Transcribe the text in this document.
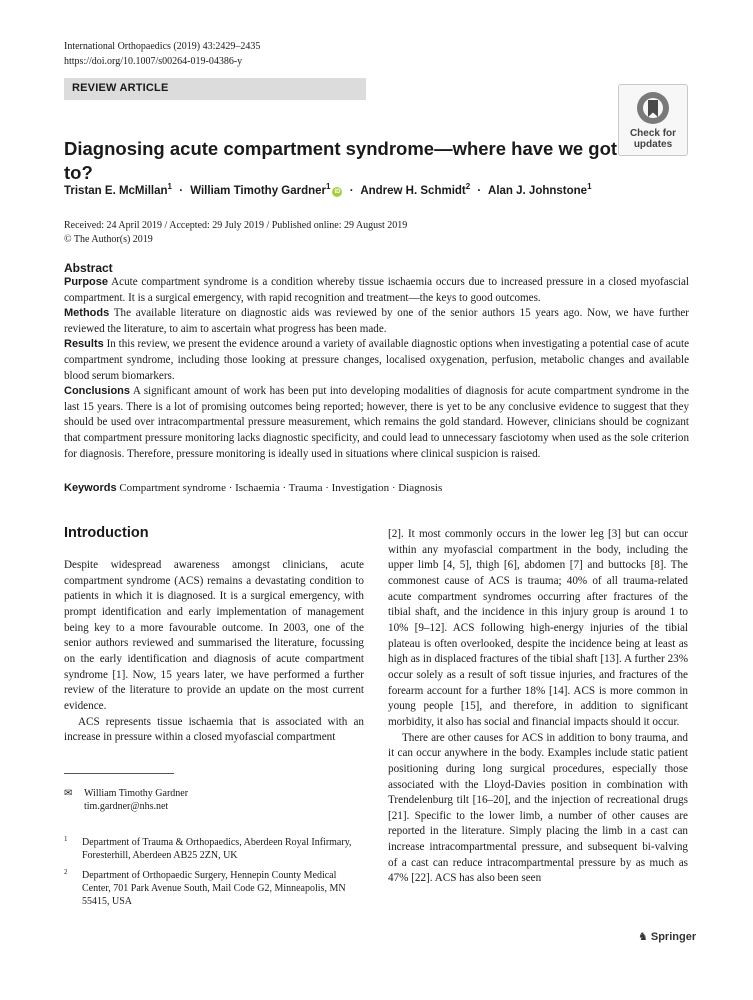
International Orthopaedics (2019) 43:2429–2435
https://doi.org/10.1007/s00264-019-04386-y
REVIEW ARTICLE
Check for
updates
Diagnosing acute compartment syndrome—where have we got to?
Tristan E. McMillan$^1$ · William Timothy Gardner$^1$iD · Andrew H. Schmidt$^2$ · Alan J. Johnstone$^1$
Received: 24 April 2019 / Accepted: 29 July 2019 / Published online: 29 August 2019
© The Author(s) 2019
Abstract

Purpose Acute compartment syndrome is a condition whereby tissue ischaemia occurs due to increased pressure in a closed myofascial compartment. It is a surgical emergency, with rapid recognition and treatment—the keys to good outcomes.

Methods The available literature on diagnostic aids was reviewed by one of the senior authors 15 years ago. Now, we have further reviewed the literature, to aim to ascertain what progress has been made.

Results In this review, we present the evidence around a variety of available diagnostic options when investigating a potential case of acute compartment syndrome, including those looking at pressure changes, localised oxygenation, perfusion, metabolic changes and available blood serum biomarkers.

Conclusions A significant amount of work has been put into developing modalities of diagnosis for acute compartment syndrome in the last 15 years. There is a lot of promising outcomes being reported; however, there is yet to be any conclusive evidence to suggest that they should be used over intracompartmental pressure measurement, which remains the gold standard. However, clinicians should be cognizant that compartment pressure monitoring lacks diagnostic specificity, and could lead to unnecessary fasciotomy when used as the sole criterion for diagnosis. Therefore, pressure monitoring is ideally used in situations where clinical suspicion is raised.

Keywords Compartment syndrome · Ischaemia · Trauma · Investigation · Diagnosis
Introduction

Despite widespread awareness amongst clinicians, acute compartment syndrome (ACS) remains a devastating condition to patients in which it is diagnosed. It is a surgical emergency, with prompt identification and early implementation of management being key to a more favourable outcome. In 2003, one of the senior authors reviewed and summarised the literature, focussing on the early identification and diagnosis of acute compartment syndrome [1]. Now, 15 years later, we have performed a further review of the literature to provide an update on the most current evidence.

ACS represents tissue ischaemia that is associated with an increase in pressure within a closed myofascial compartment

[2]. It most commonly occurs in the lower leg [3] but can occur within any myofascial compartment in the body, including the upper limb [4, 5], thigh [6], abdomen [7] and buttocks [8]. The commonest cause of ACS is trauma; 40% of all trauma-related acute compartment syndromes occurring after fractures of the tibial shaft, and the incidence in this injury group is around 1 to 10% [9–12]. ACS following high-energy injuries of the tibial plateau is often overlooked, despite the incidence being at least as high as in displaced fractures of the tibial shaft [13]. A further 23% occur solely as a result of soft tissue injuries, and fractures of the forearm account for a further 18% [14]. ACS is more common in young people [15], and therefore, in addition to significant morbidity, it also has social and financial impacts should it occur.

There are other causes for ACS in addition to bony trauma, and it can occur anywhere in the body. Examples include static patient positioning during long surgical procedures, especially those associated with the Lloyd-Davies position in combination with Trendelenburg tilt [16–20], and the injection of recreational drugs [21]. Specific to the lower limb, a number of other causes are reported in the literature. Simply placing the limb in a cast can increase intracompartmental pressure, and subsequent bi-valving of a cast can reduce intracompartmental pressure by as much as 47% [22]. ACS has also been seen

✉ William Timothy Gardner
tim.gardner@nhs.net
1 Department of Trauma & Orthopaedics, Aberdeen Royal Infirmary, Foresterhill, Aberdeen AB25 2ZN, UK
2 Department of Orthopaedic Surgery, Hennepin County Medical Center, 701 Park Avenue South, Mail Code G2, Minneapolis, MN 55415, USA
♞ Springer
